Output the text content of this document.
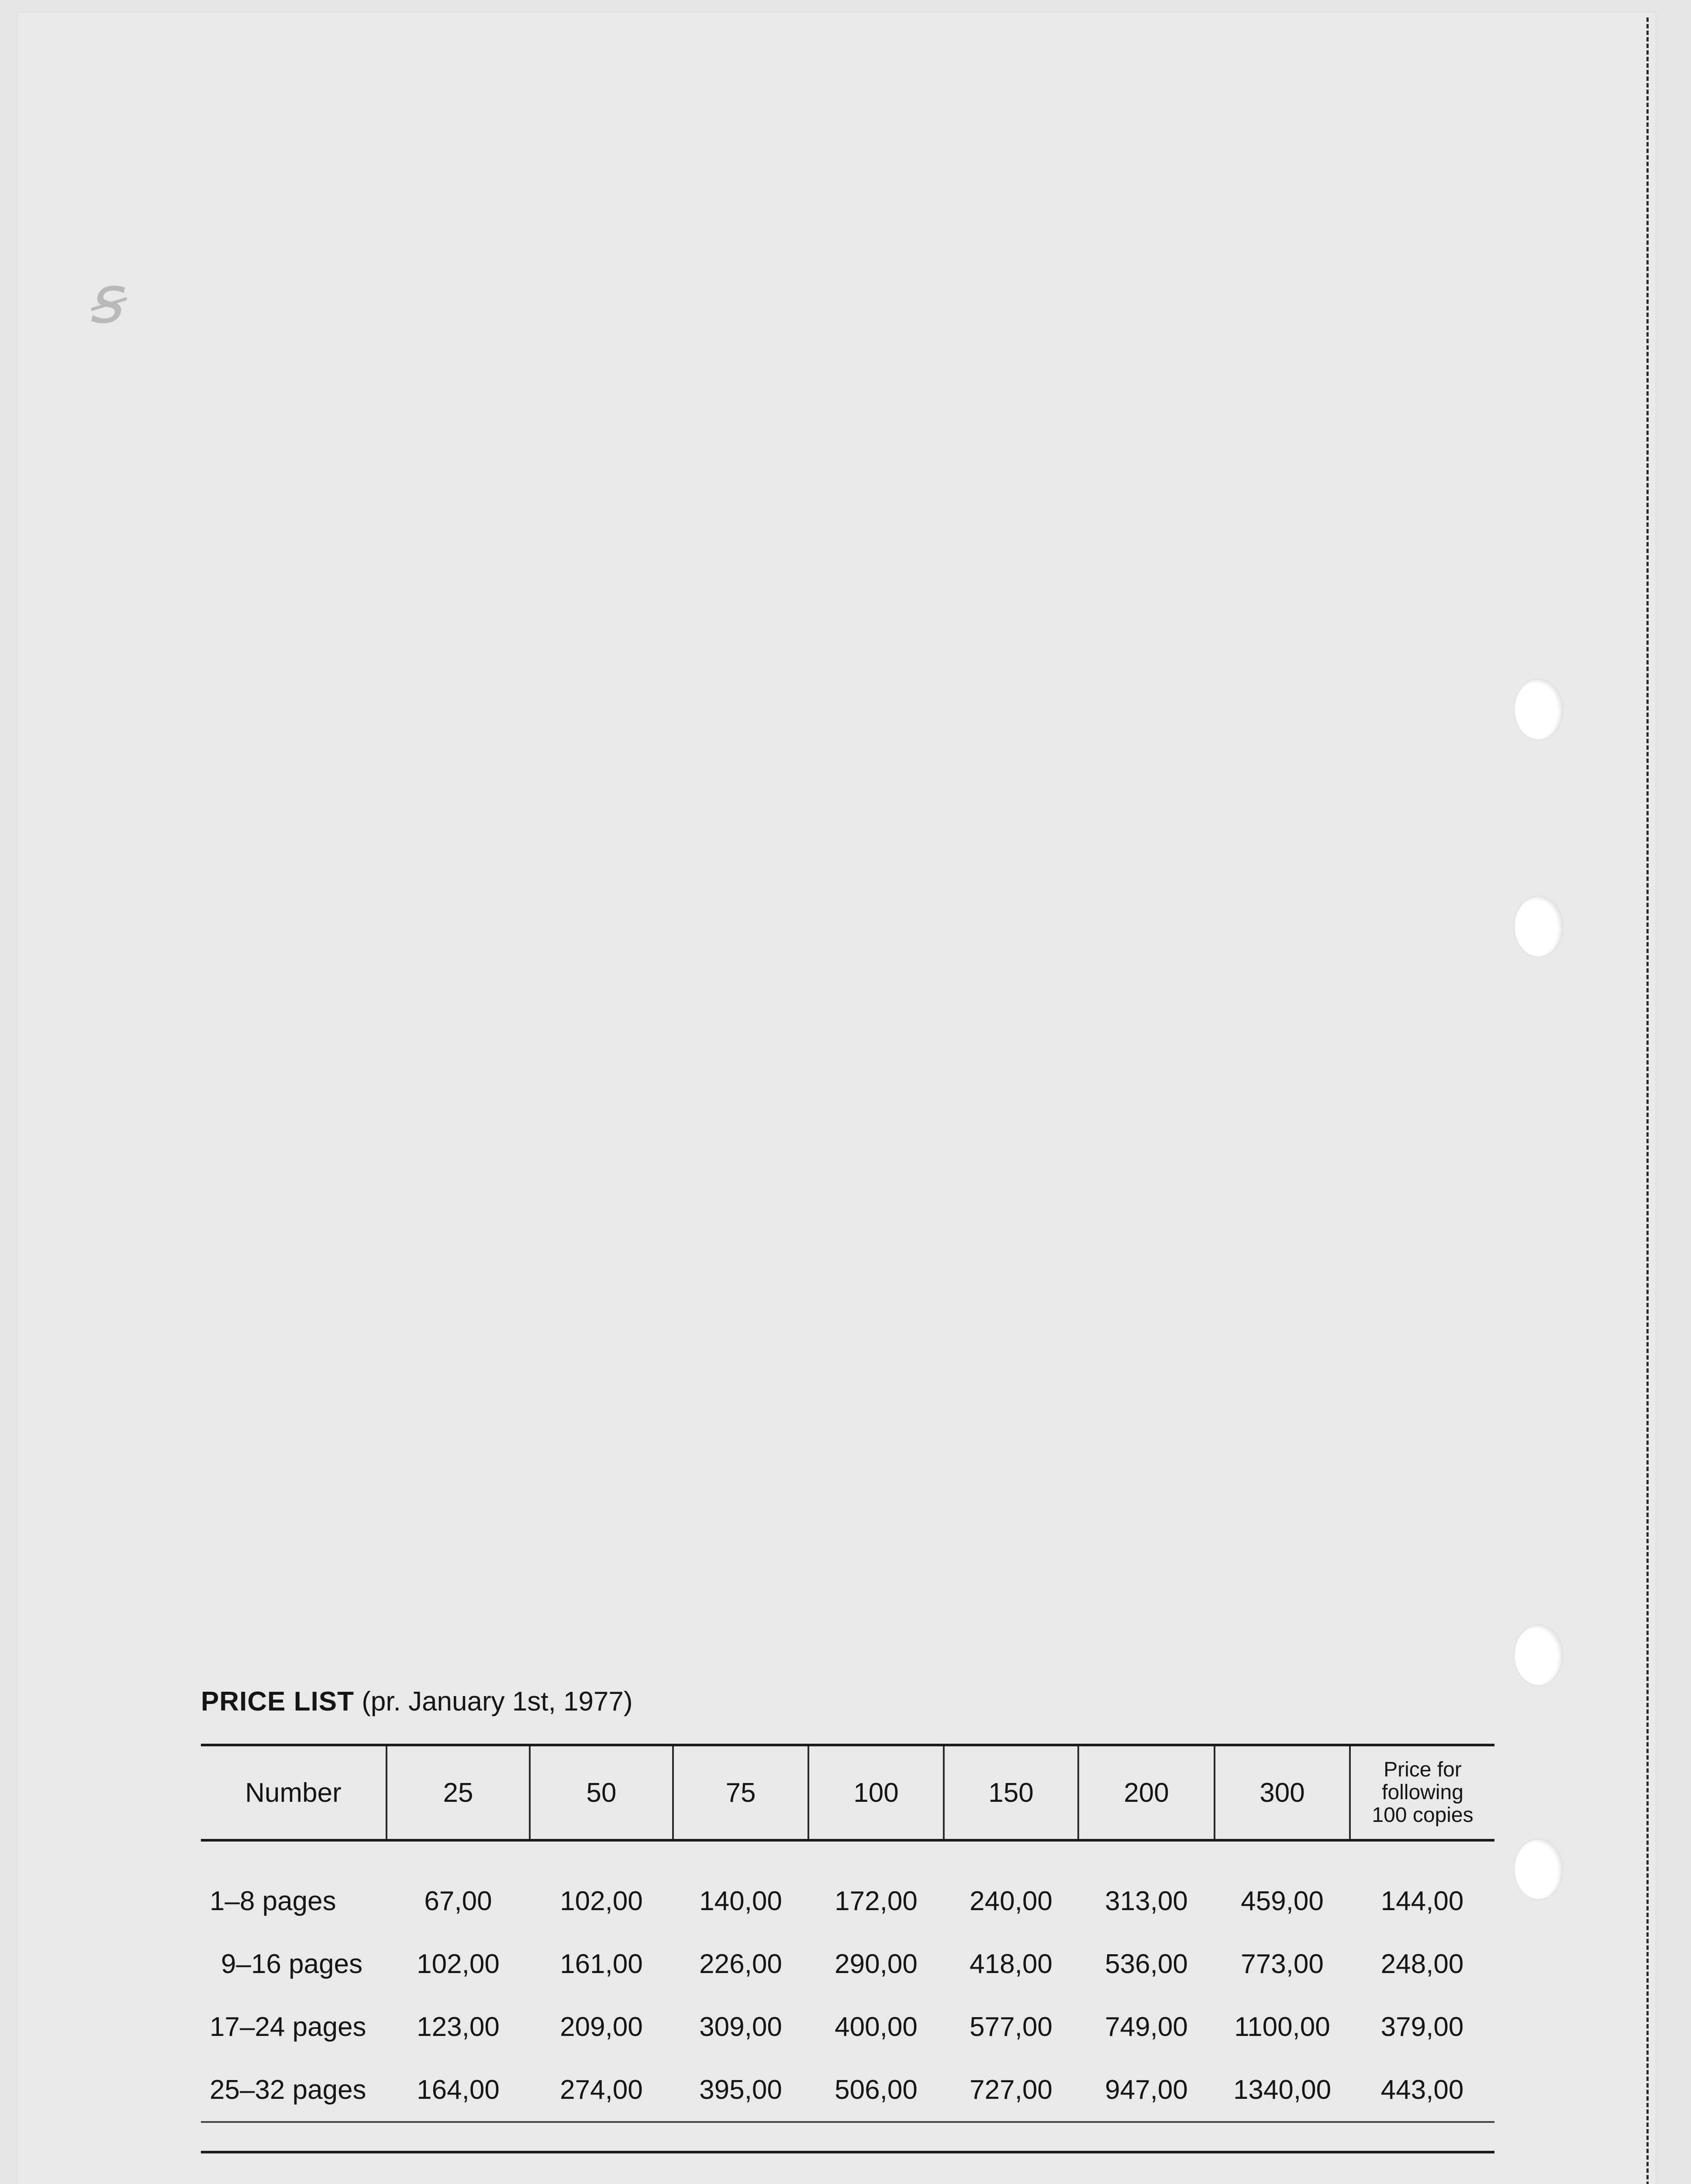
ꞩ
PRICE LIST (pr. January 1st, 1977)
Number	25	50	75	100	150	200	300	Price for
following
100 copies

1–8 pages	67,00	102,00	140,00	172,00	240,00	313,00	459,00	144,00
9–16 pages	102,00	161,00	226,00	290,00	418,00	536,00	773,00	248,00
17–24 pages	123,00	209,00	309,00	400,00	577,00	749,00	1100,00	379,00
25–32 pages	164,00	274,00	395,00	506,00	727,00	947,00	1340,00	443,00
